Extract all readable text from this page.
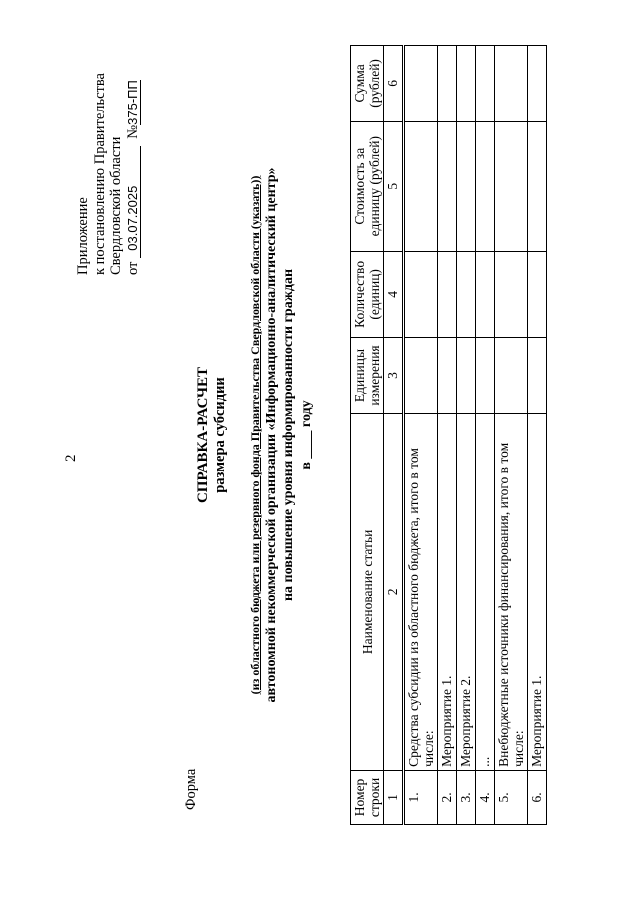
2
Приложение к постановлению Правительства Свердловской области от   03.07.2025  №375-ПП
Форма
СПРАВКА-РАСЧЕТ размера субсидии (из областного бюджета или резервного фонда Правительства Свердловской области (указать)) автономной некоммерческой организации «Информационно-аналитический центр» на повышение уровня информированности граждан в ____ году
Номер строки	Наименование статьи	Единицы измерения	Количество (единиц)	Стоимость за единицу (рублей)	Сумма (рублей)
1	2	3	4	5	6
1.	Средства субсидии из областного бюджета, итого в том числе:				
2.	Мероприятие 1.				
3.	Мероприятие 2.				
4.	...				
5.	Внебюджетные источники финансирования, итого в том числе:				
6.	Мероприятие 1.				
